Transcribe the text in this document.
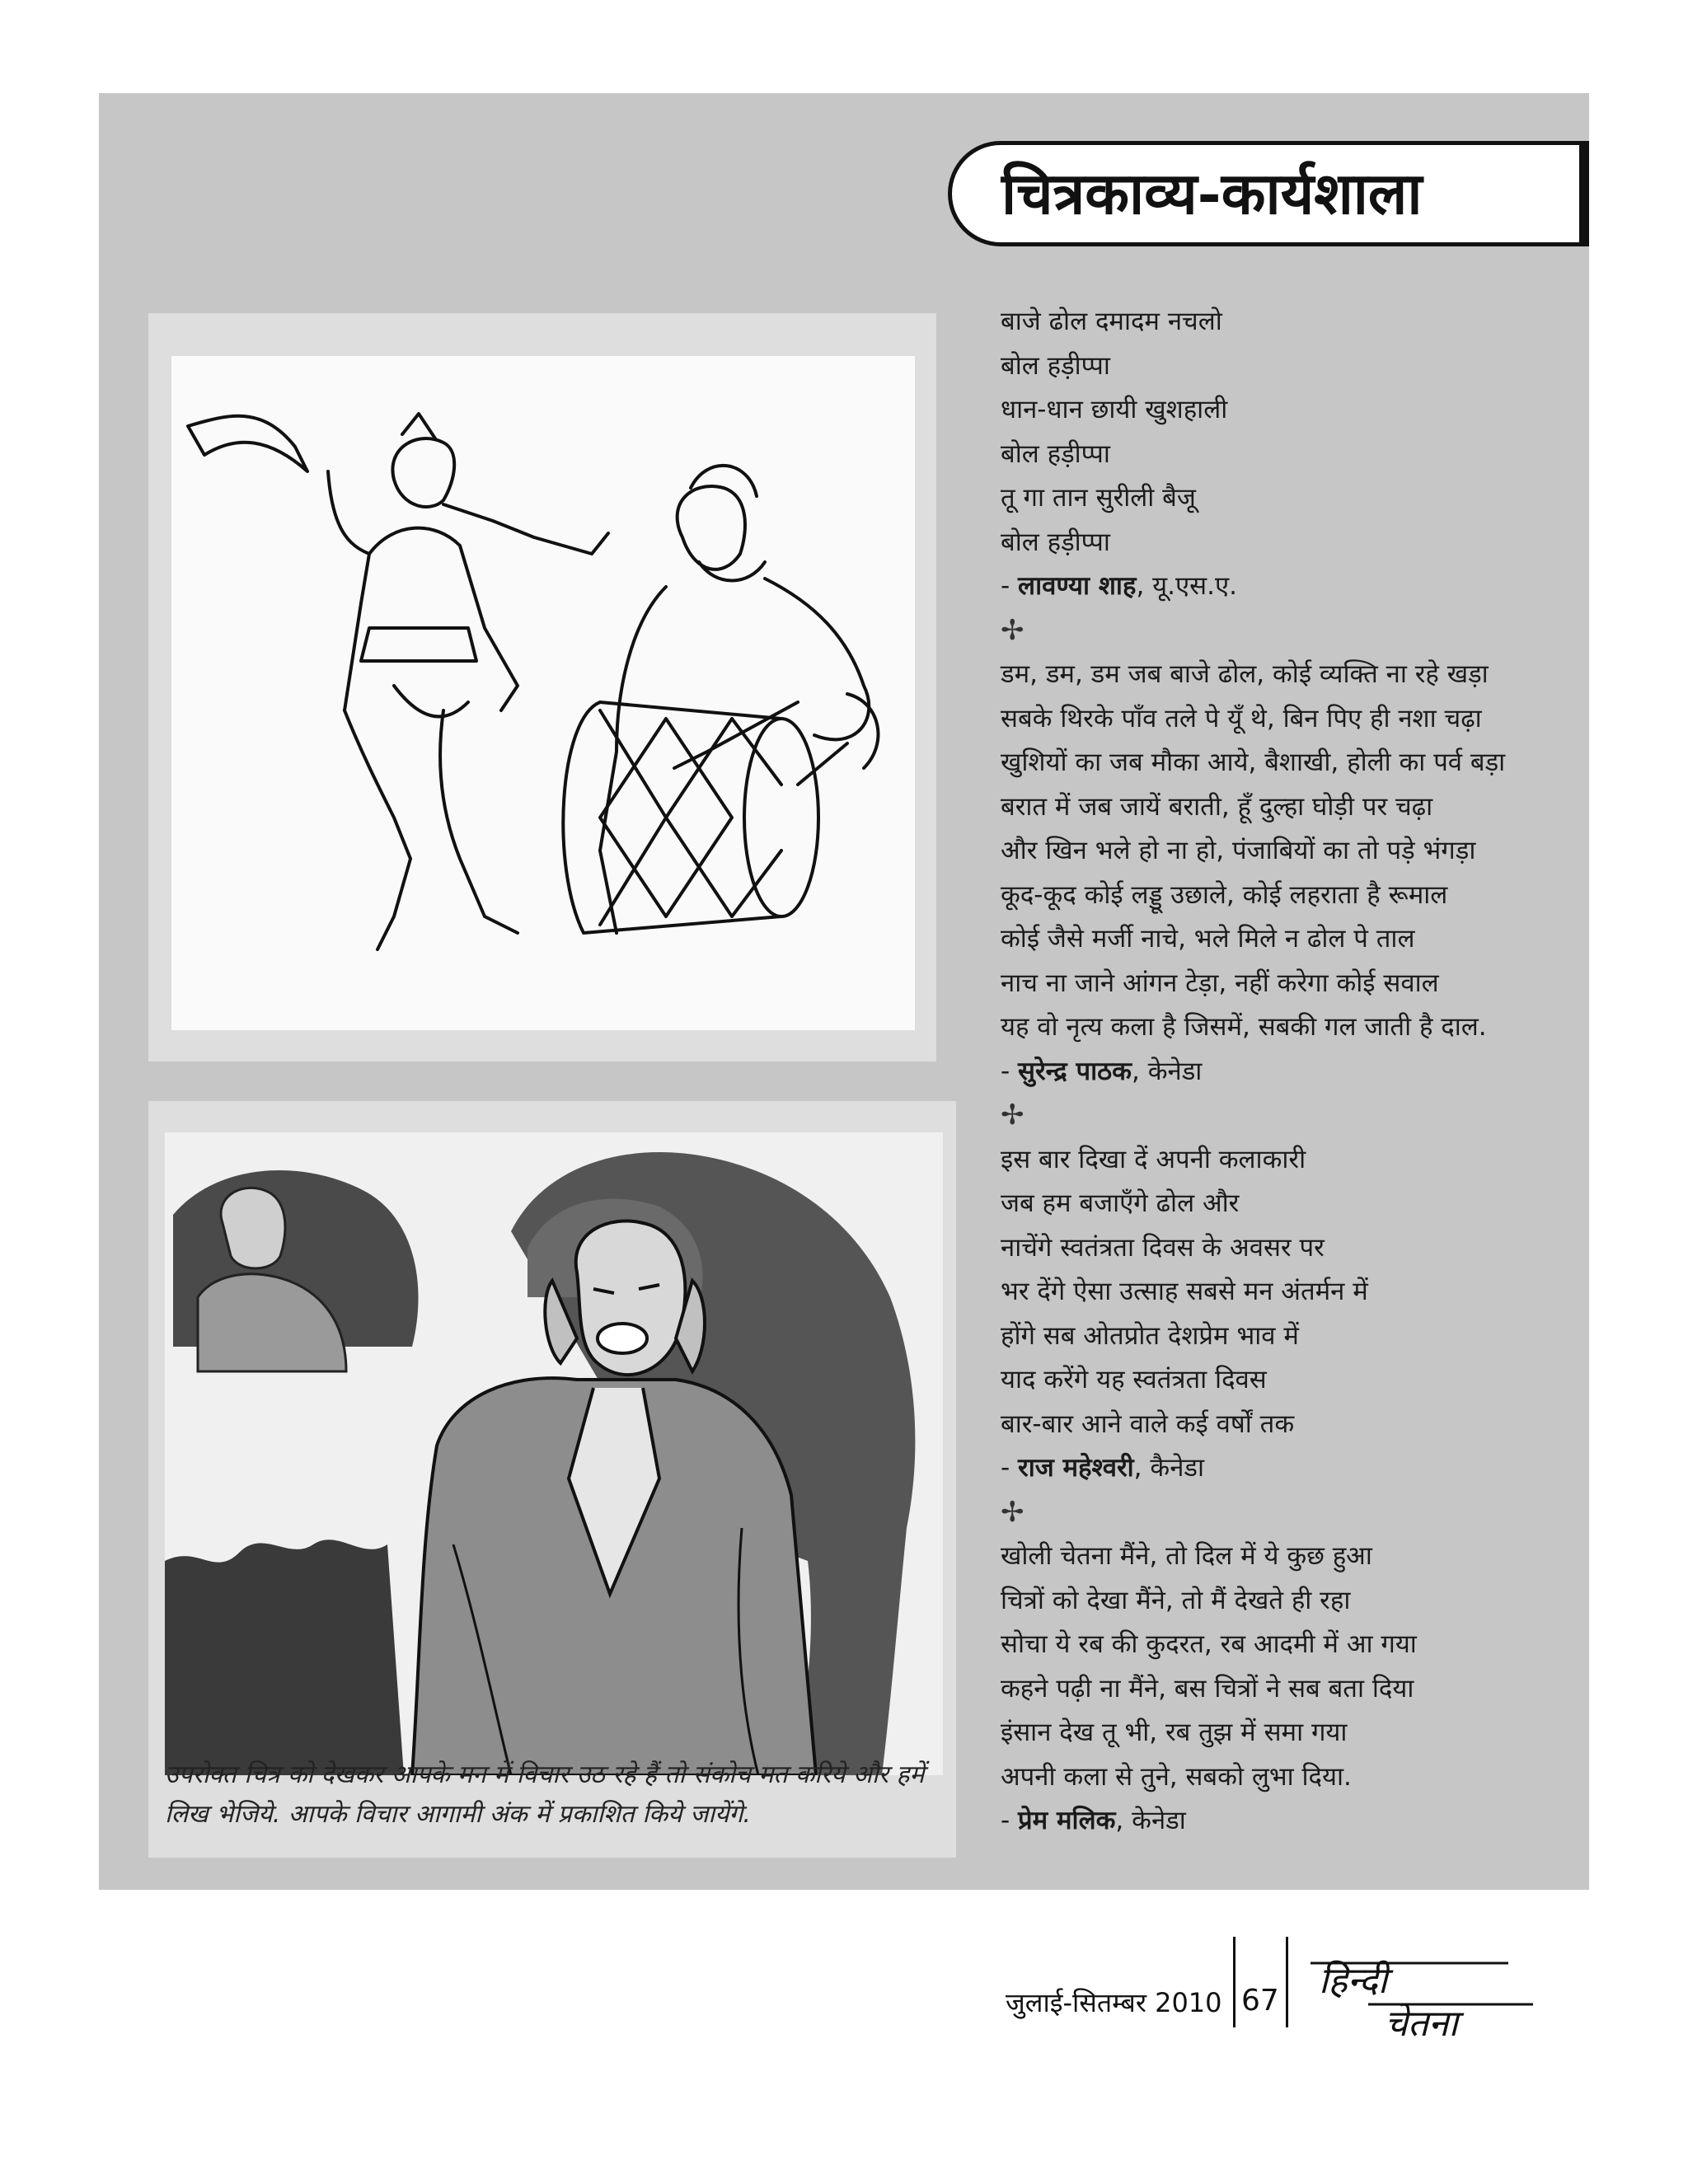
चित्रकाव्य-कार्यशाला
उपरोक्त चित्र को देखकर आपके मन में विचार उठ रहे हैं तो संकोच मत करिये और हमें लिख भेजिये. आपके विचार आगामी अंक में प्रकाशित किये जायेंगे.
बाजे ढोल दमादम नचलो
बोल हड़ीप्पा
धान-धान छायी खुशहाली
बोल हड़ीप्पा
तू गा तान सुरीली बैजू
बोल हड़ीप्पा
- लावण्या शाह, यू.एस.ए.
✢
डम, डम, डम जब बाजे ढोल, कोई व्यक्ति ना रहे खड़ा
सबके थिरके पाँव तले पे यूँ थे, बिन पिए ही नशा चढ़ा
खुशियों का जब मौका आये, बैशाखी, होली का पर्व बड़ा
बरात में जब जायें बराती, हूँ दुल्हा घोड़ी पर चढ़ा
और खिन भले हो ना हो, पंजाबियों का तो पड़े भंगड़ा
कूद-कूद कोई लड्डू उछाले, कोई लहराता है रूमाल
कोई जैसे मर्जी नाचे, भले मिले न ढोल पे ताल
नाच ना जाने आंगन टेड़ा, नहीं करेगा कोई सवाल
यह वो नृत्य कला है जिसमें, सबकी गल जाती है दाल.
- सुरेन्द्र पाठक, केनेडा
✢
इस बार दिखा दें अपनी कलाकारी
जब हम बजाएँगे ढोल और
नाचेंगे स्वतंत्रता दिवस के अवसर पर
भर देंगे ऐसा उत्साह सबसे मन अंतर्मन में
होंगे सब ओतप्रोत देशप्रेम भाव में
याद करेंगे यह स्वतंत्रता दिवस
बार-बार आने वाले कई वर्षों तक
- राज महेश्वरी, कैनेडा
✢
खोली चेतना मैंने, तो दिल में ये कुछ हुआ
चित्रों को देखा मैंने, तो मैं देखते ही रहा
सोचा ये रब की कुदरत, रब आदमी में आ गया
कहने पढ़ी ना मैंने, बस चित्रों ने सब बता दिया
इंसान देख तू भी, रब तुझ में समा गया
अपनी कला से तुने, सबको लुभा दिया.
- प्रेम मलिक, केनेडा
जुलाई-सितम्बर 2010 67 हिन्दी
चेतना
